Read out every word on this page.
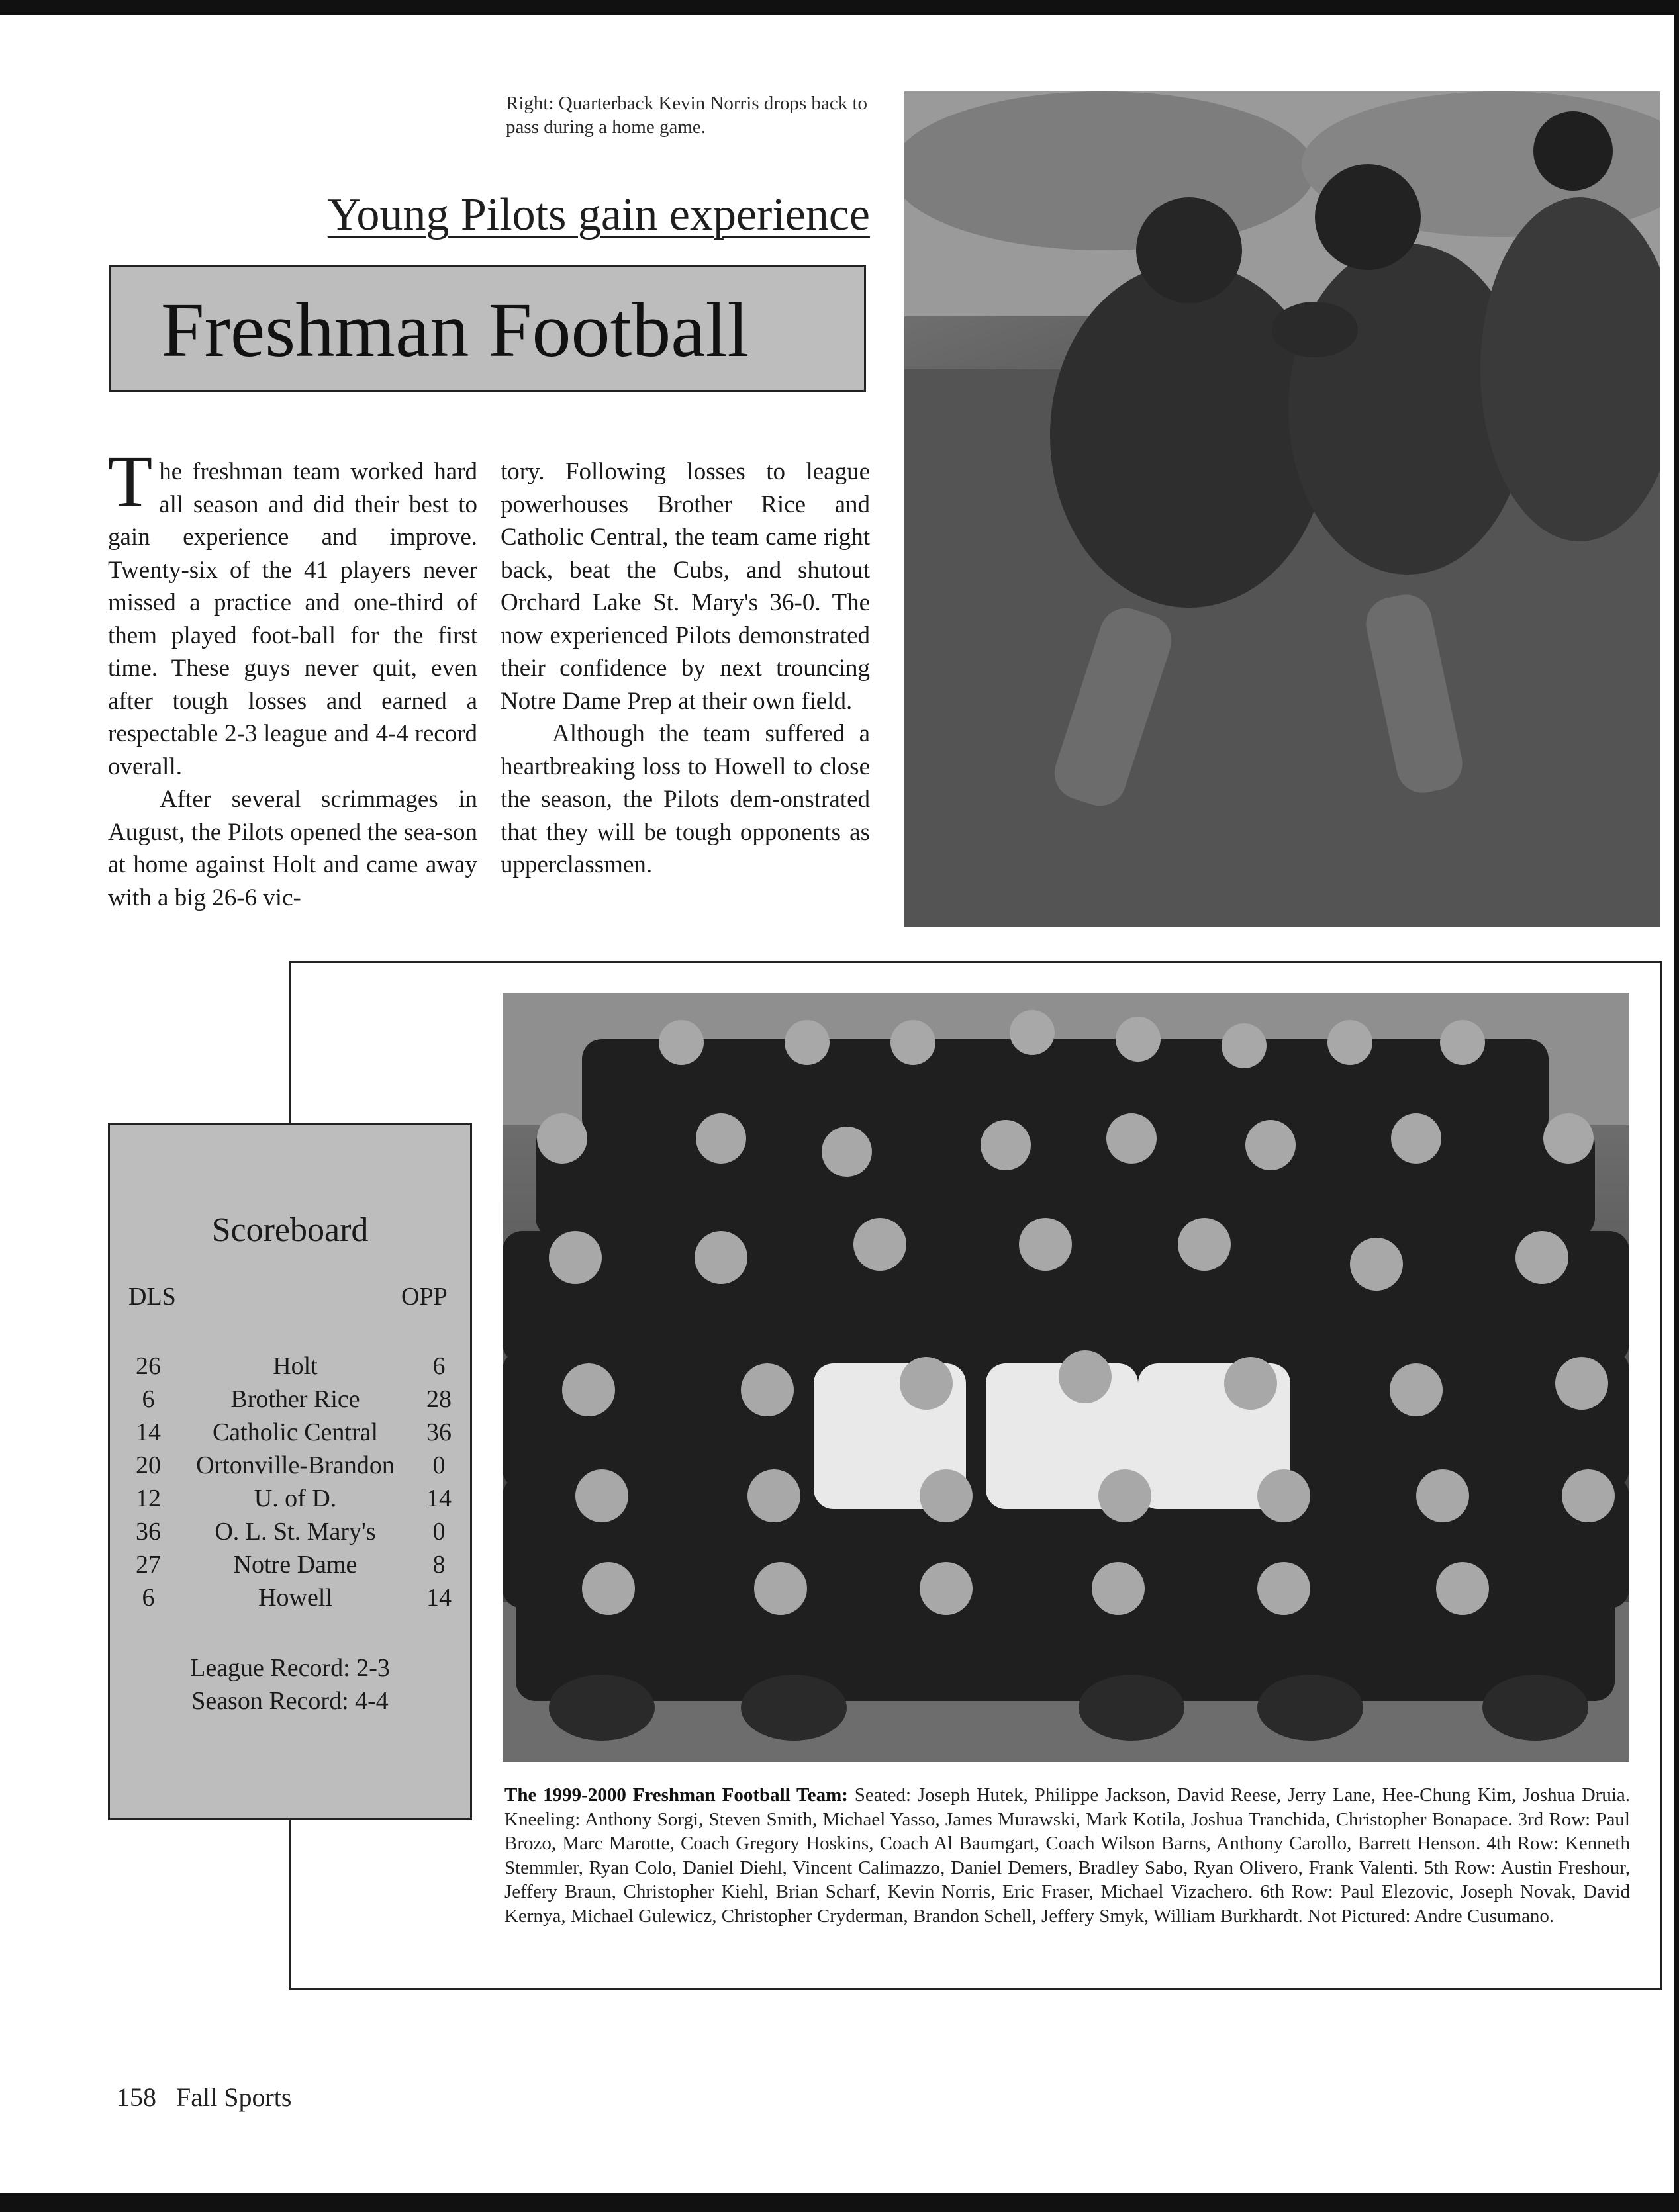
Right: Quarterback Kevin Norris drops back to pass during a home game.
Young Pilots gain experience
Freshman Football

The freshman team worked hard all season and did their best to gain experience and improve. Twenty-six of the 41 players never missed a practice and one-third of them played foot-ball for the first time. These guys never quit, even after tough losses and earned a respectable 2-3 league and 4-4 record overall.

After several scrimmages in August, the Pilots opened the sea-son at home against Holt and came away with a big 26-6 vic-

tory. Following losses to league powerhouses Brother Rice and Catholic Central, the team came right back, beat the Cubs, and shutout Orchard Lake St. Mary's 36-0. The now experienced Pilots demonstrated their confidence by next trouncing Notre Dame Prep at their own field.

Although the team suffered a heartbreaking loss to Howell to close the season, the Pilots dem-onstrated that they will be tough opponents as upperclassmen.

The 1999-2000 Freshman Football Team: Seated: Joseph Hutek, Philippe Jackson, David Reese, Jerry Lane, Hee-Chung Kim, Joshua Druia. Kneeling: Anthony Sorgi, Steven Smith, Michael Yasso, James Murawski, Mark Kotila, Joshua Tranchida, Christopher Bonapace. 3rd Row: Paul Brozo, Marc Marotte, Coach Gregory Hoskins, Coach Al Baumgart, Coach Wilson Barns, Anthony Carollo, Barrett Henson. 4th Row: Kenneth Stemmler, Ryan Colo, Daniel Diehl, Vincent Calimazzo, Daniel Demers, Bradley Sabo, Ryan Olivero, Frank Valenti. 5th Row: Austin Freshour, Jeffery Braun, Christopher Kiehl, Brian Scharf, Kevin Norris, Eric Fraser, Michael Vizachero. 6th Row: Paul Elezovic, Joseph Novak, David Kernya, Michael Gulewicz, Christopher Cryderman, Brandon Schell, Jeffery Smyk, William Burkhardt. Not Pictured: Andre Cusumano.
Scoreboard
DLS	OPP
26	Holt	6
6	Brother Rice	28
14	Catholic Central	36
20	Ortonville-Brandon	0
12	U. of D.	14
36	O. L. St. Mary's	0
27	Notre Dame	8
6	Howell	14
League Record: 2-3
Season Record: 4-4
158 Fall Sports
